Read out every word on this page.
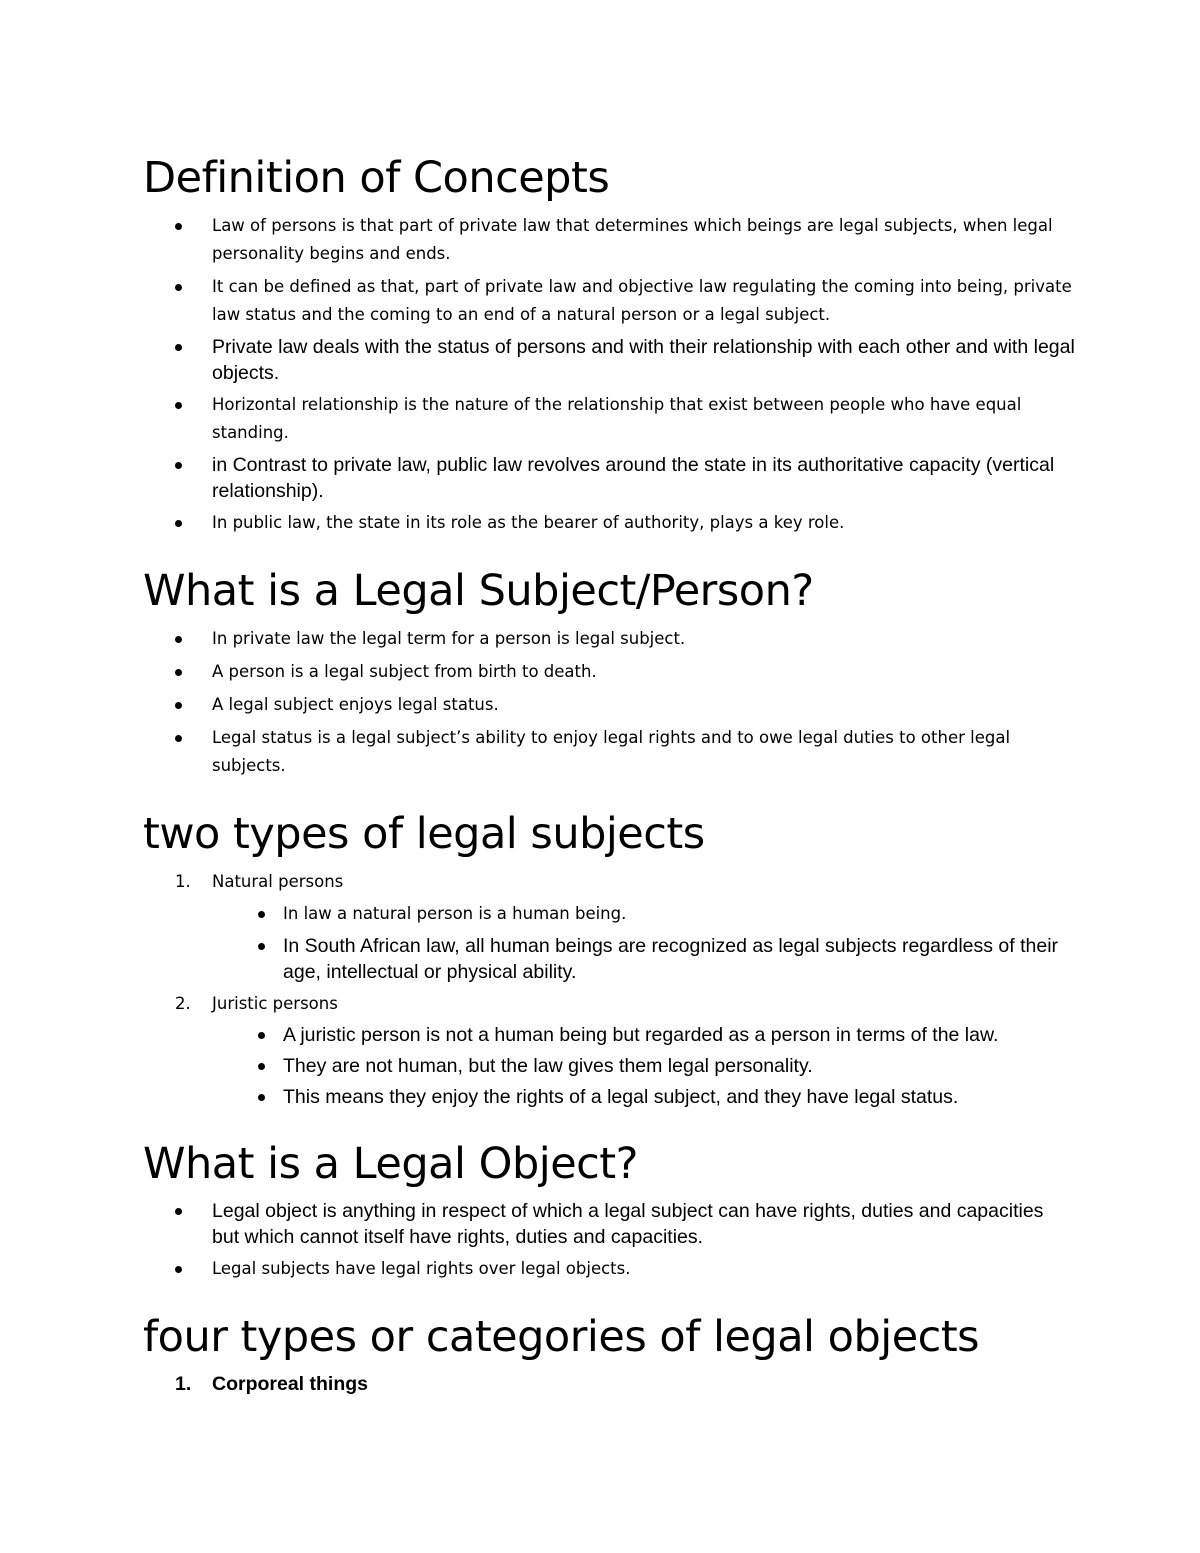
Definition of Concepts
Law of persons is that part of private law that determines which beings are legal subjects, when legal personality begins and ends.
It can be defined as that, part of private law and objective law regulating the coming into being, private law status and the coming to an end of a natural person or a legal subject.
Private law deals with the status of persons and with their relationship with each other and with legal objects.
Horizontal relationship is the nature of the relationship that exist between people who have equal standing.
in Contrast to private law, public law revolves around the state in its authoritative capacity (vertical relationship).
In public law, the state in its role as the bearer of authority, plays a key role.
What is a Legal Subject/Person?
In private law the legal term for a person is legal subject.
A person is a legal subject from birth to death.
A legal subject enjoys legal status.
Legal status is a legal subject’s ability to enjoy legal rights and to owe legal duties to other legal subjects.
two types of legal subjects
1. Natural persons
In law a natural person is a human being.
In South African law, all human beings are recognized as legal subjects regardless of their age, intellectual or physical ability.
2. Juristic persons
A juristic person is not a human being but regarded as a person in terms of the law.
They are not human, but the law gives them legal personality.
This means they enjoy the rights of a legal subject, and they have legal status.
What is a Legal Object?
Legal object is anything in respect of which a legal subject can have rights, duties and capacities but which cannot itself have rights, duties and capacities.
Legal subjects have legal rights over legal objects.
four types or categories of legal objects
1. Corporeal things
